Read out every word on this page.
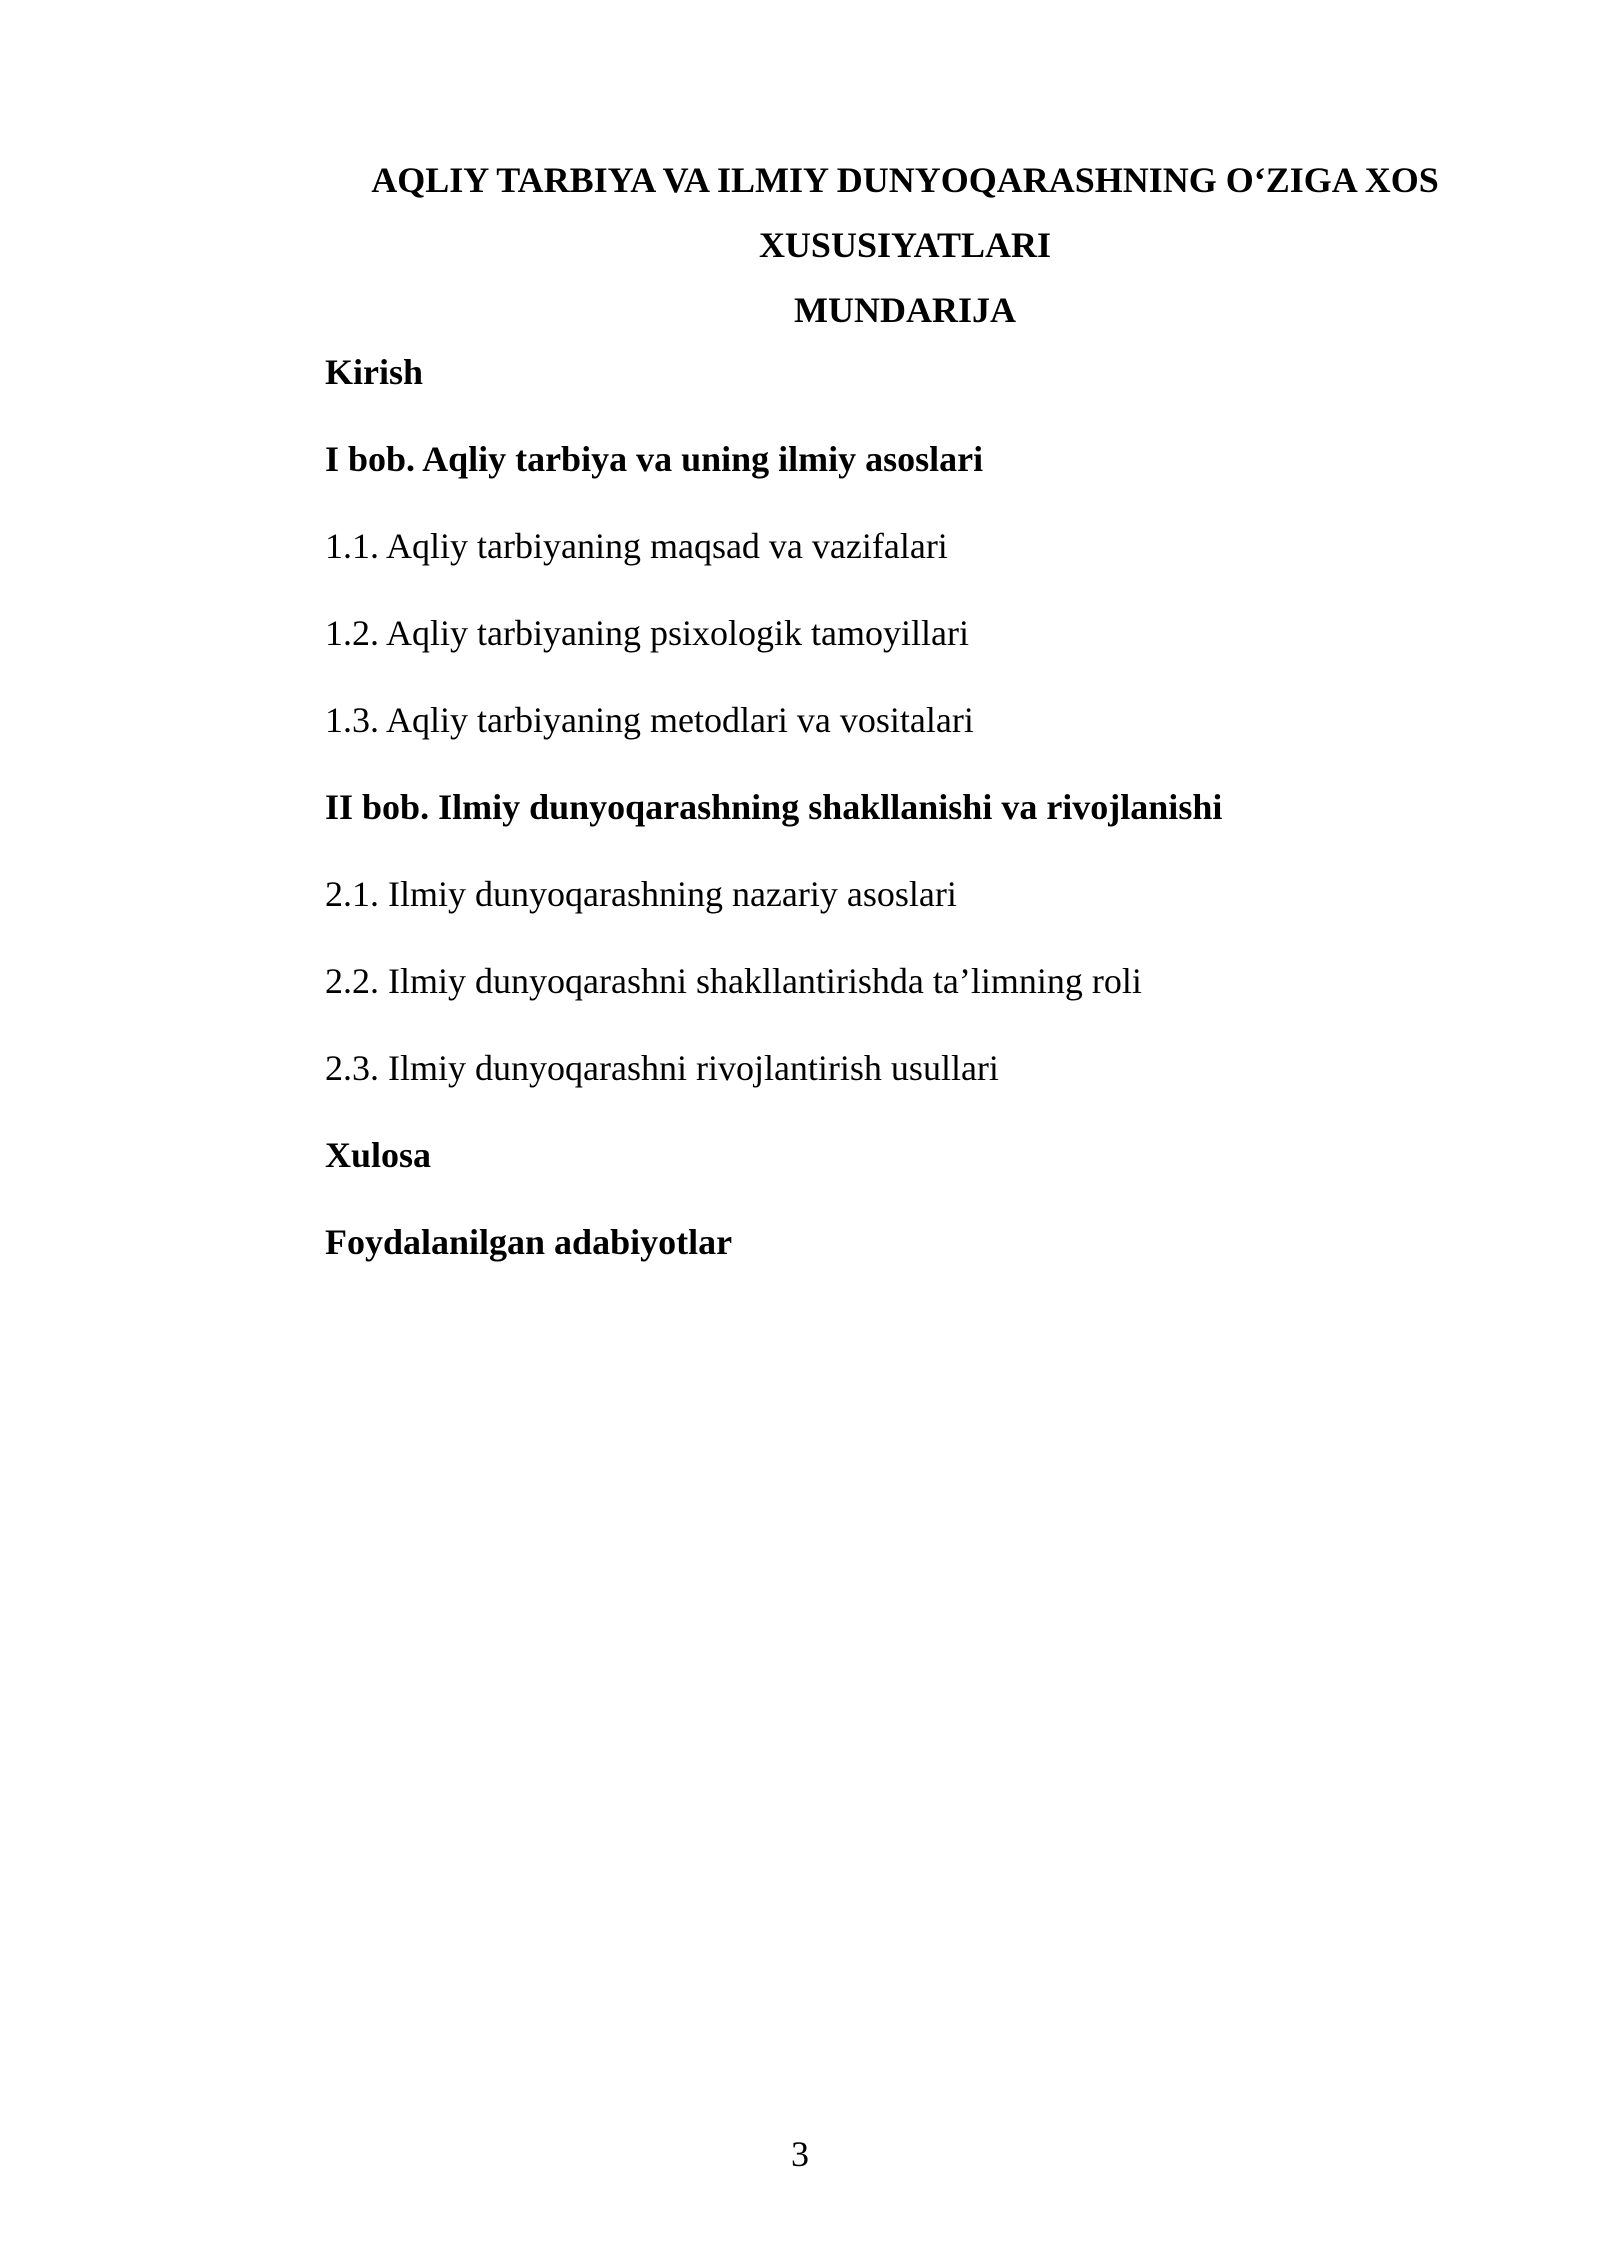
AQLIY TARBIYA VA ILMIY DUNYOQARASHNING O‘ZIGA XOS
XUSUSIYATLARI
MUNDARIJA
Kirish
I bob. Aqliy tarbiya va uning ilmiy asoslari
1.1. Aqliy tarbiyaning maqsad va vazifalari
1.2. Aqliy tarbiyaning psixologik tamoyillari
1.3. Aqliy tarbiyaning metodlari va vositalari
II bob. Ilmiy dunyoqarashning shakllanishi va rivojlanishi
2.1. Ilmiy dunyoqarashning nazariy asoslari
2.2. Ilmiy dunyoqarashni shakllantirishda ta’limning roli
2.3. Ilmiy dunyoqarashni rivojlantirish usullari
Xulosa
Foydalanilgan adabiyotlar
3
